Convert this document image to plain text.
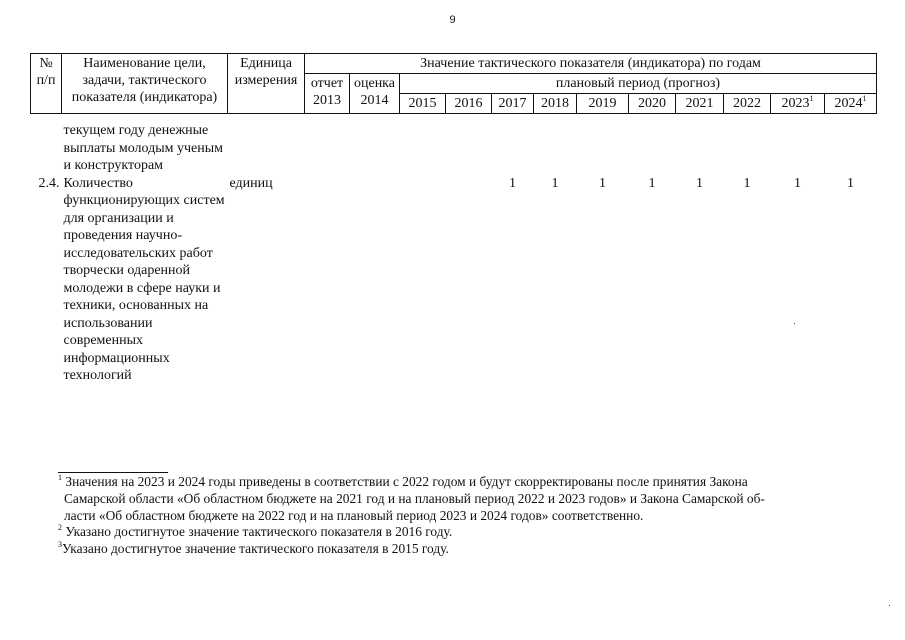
9
№ п/п	Наименование цели, задачи, тактического показателя (индикатора)	Единица измерения	Значение тактического показателя (индикатора) по годам											
			отчет 2013	оценка 2014	плановый период (прогноз)									
					2015	2016	2017	2018	2019	2020	2021	2022	2023$^1$	2024$^1$

	текущем году денежные выплаты молодым ученым и конструкторам													
2.4.	Количество функционирующих систем для организации и проведения научно-исследовательских работ творчески одаренной молодежи в сфере науки и техники, основанных на использовании современных информационных технологий	единиц					1	1	1	1	1	1	1	1

$^1$ Значения на 2023 и 2024 годы приведены в соответствии с 2022 годом и будут скорректированы после принятия Закона

Самарской области «Об областном бюджете на 2021 год и на плановый период 2022 и 2023 годов» и Закона Самарской об-

ласти «Об областном бюджете на 2022 год и на плановый период 2023 и 2024 годов» соответственно.

$^2$ Указано достигнутое значение тактического показателя в 2016 году.

$^3$Указано достигнутое значение тактического показателя в 2015 году.
